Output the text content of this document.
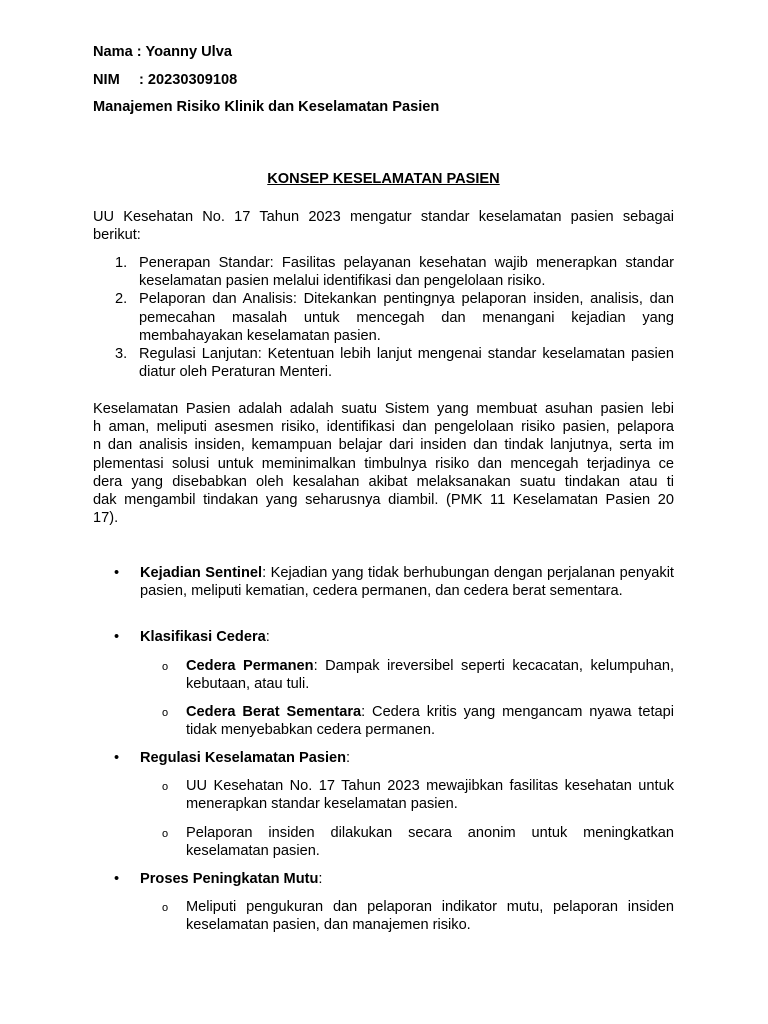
Nama : Yoanny Ulva
NIM : 20230309108
Manajemen Risiko Klinik dan Keselamatan Pasien
KONSEP KESELAMATAN PASIEN
UU Kesehatan No. 17 Tahun 2023 mengatur standar keselamatan pasien sebagai berikut:
1. Penerapan Standar: Fasilitas pelayanan kesehatan wajib menerapkan standar keselamatan pasien melalui identifikasi dan pengelolaan risiko.
2. Pelaporan dan Analisis: Ditekankan pentingnya pelaporan insiden, analisis, dan pemecahan masalah untuk mencegah dan menangani kejadian yang membahayakan keselamatan pasien.
3. Regulasi Lanjutan: Ketentuan lebih lanjut mengenai standar keselamatan pasien diatur oleh Peraturan Menteri.
Keselamatan Pasien adalah adalah suatu Sistem yang membuat asuhan pasien lebi
h aman, meliputi asesmen risiko, identifikasi dan pengelolaan risiko pasien, pelapora
n dan analisis insiden, kemampuan belajar dari insiden dan tindak lanjutnya, serta im
plementasi solusi untuk meminimalkan timbulnya risiko dan mencegah terjadinya ce
dera yang disebabkan oleh kesalahan akibat melaksanakan suatu tindakan atau ti
dak mengambil tindakan yang seharusnya diambil. (PMK 11 Keselamatan Pasien 20
17).
• Kejadian Sentinel: Kejadian yang tidak berhubungan dengan perjalanan penyakit pasien, meliputi kematian, cedera permanen, dan cedera berat sementara.
• Klasifikasi Cedera:
o Cedera Permanen: Dampak ireversibel seperti kecacatan, kelumpuhan, kebutaan, atau tuli.
o Cedera Berat Sementara: Cedera kritis yang mengancam nyawa tetapi tidak menyebabkan cedera permanen.
• Regulasi Keselamatan Pasien:
o UU Kesehatan No. 17 Tahun 2023 mewajibkan fasilitas kesehatan untuk menerapkan standar keselamatan pasien.
o Pelaporan insiden dilakukan secara anonim untuk meningkatkan keselamatan pasien.
• Proses Peningkatan Mutu:
o Meliputi pengukuran dan pelaporan indikator mutu, pelaporan insiden keselamatan pasien, dan manajemen risiko.
